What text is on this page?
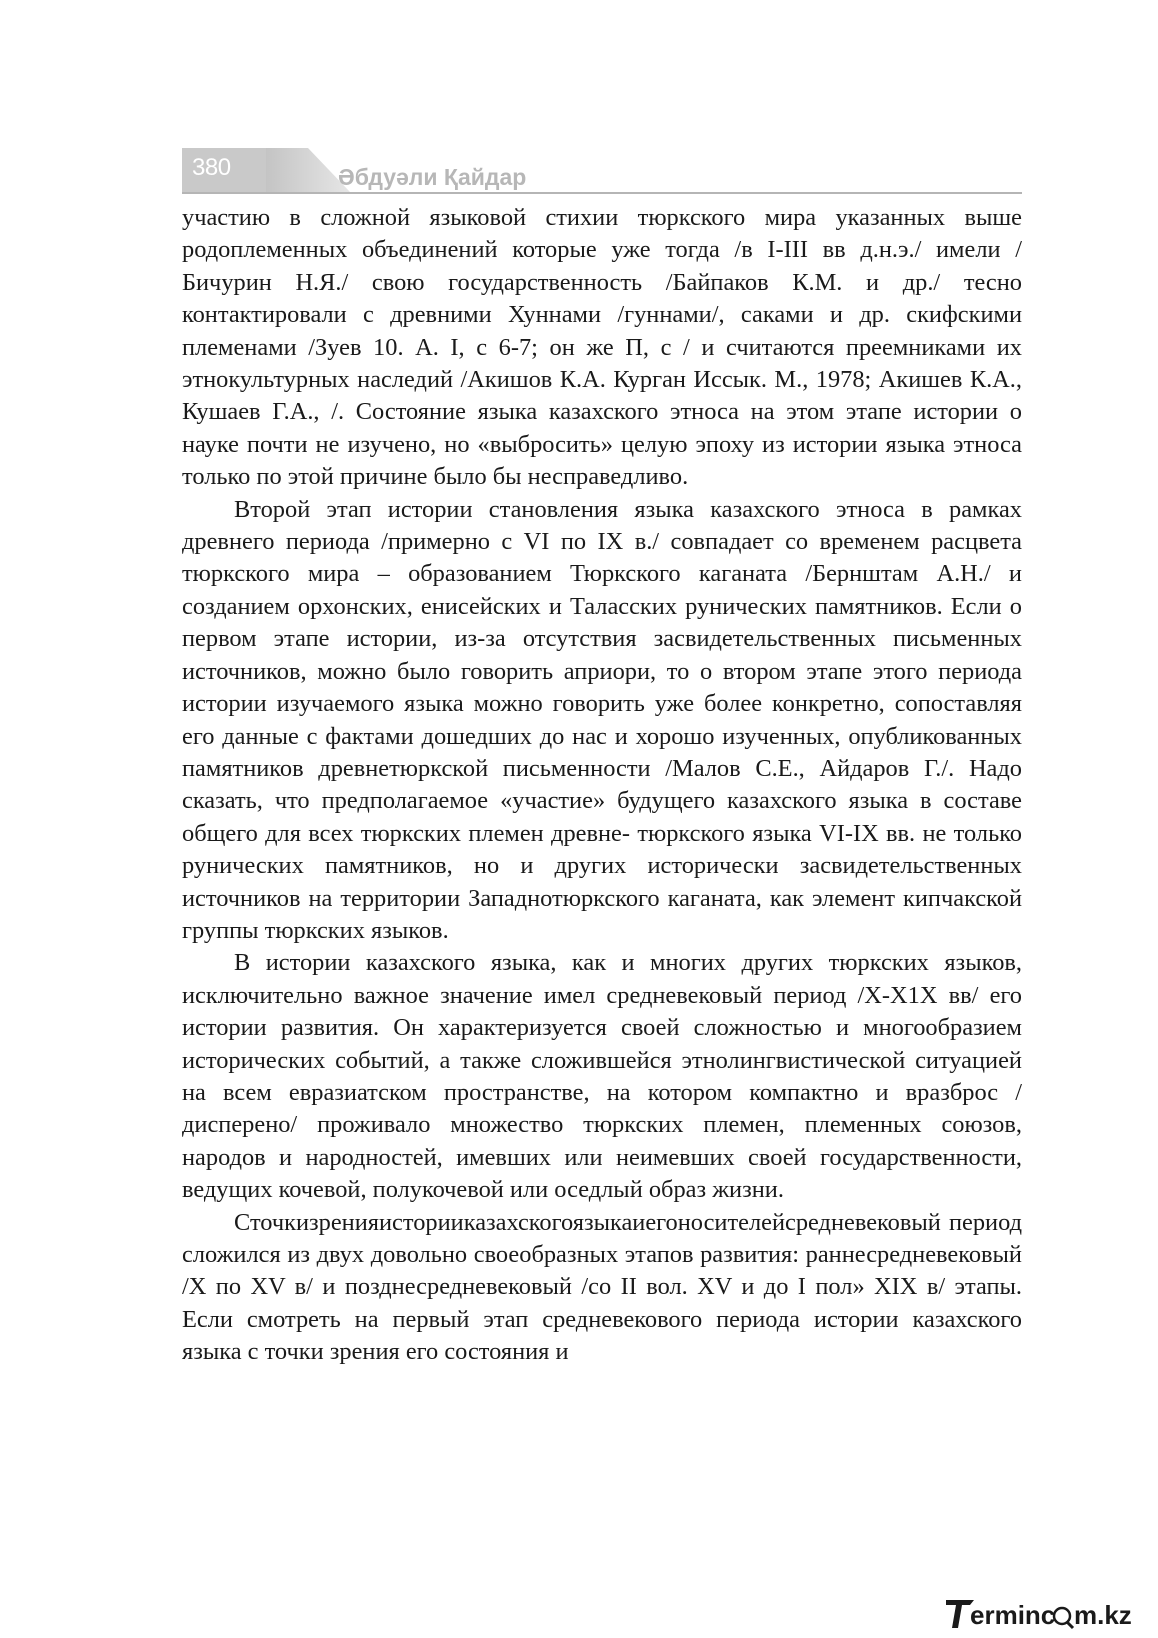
380	Әбдуәли Қайдар

участию в сложной языковой стихии тюркского мира указанных выше родоплеменных объединений которые уже тогда /в I-III вв д.н.э./ имели /Бичурин Н.Я./ свою государственность /Байпаков К.М. и др./ тесно контактировали с древними Хуннами /гуннами/, саками и др. скифскими племенами /Зуев 10. А. I, с 6-7; он же П, с / и считаются преемниками их этнокультурных наследий /Акишов К.А. Курган Иссык. М., 1978; Акишев К.А., Кушаев Г.А., /. Состояние языка казахского этноса на этом этапе истории о науке почти не изучено, но «выбросить» целую эпоху из истории языка этноса только по этой причине было бы несправедливо.

Второй этап истории становления языка казахского этноса в рамках древнего периода /примерно с VI по IX в./ совпадает со временем расцвета тюркского мира – образованием Тюркского каганата /Бернштам А.Н./ и созданием орхонских, енисейских и Таласских рунических памятников. Если о первом этапе истории, из-за отсутствия засвидетельственных письменных источников, можно было говорить априори, то о втором этапе этого периода истории изучаемого языка можно говорить уже более конкретно, сопоставляя его данные с фактами дошедших до нас и хорошо изученных, опубликованных памятников древнетюркской письменности /Малов С.Е., Айдаров Г./. Надо сказать, что предполагаемое «участие» будущего казахского языка в составе общего для всех тюркских племен древне- тюркского языка VI-IX вв. не только рунических памятников, но и других исторически засвидетельственных источников на территории Западнотюркского каганата, как элемент кипчакской группы тюркских языков.

В истории казахского языка, как и многих других тюркских языков, исключительно важное значение имел средневековый период /X-X1X вв/ его истории развития. Он характеризуется своей сложностью и многообразием исторических событий, а также сложившейся этнолингвистической ситуацией на всем евразиатском пространстве, на котором компактно и вразброс /дисперено/ проживало множество тюркских племен, племенных союзов, народов и народностей, имевших или неимевших своей государственности, ведущих кочевой, полукочевой или оседлый образ жизни.

Сточкизренияисторииказахскогоязыкаиегоносителейсредневековый период сложился из двух довольно своеобразных этапов развития: раннесредневековый /X по XV в/ и позднесредневековый /со II вол. XV и до I пол» XIX в/ этапы. Если смотреть на первый этап средневекового периода истории казахского языка с точки зрения его состояния и

erminc m.kz
